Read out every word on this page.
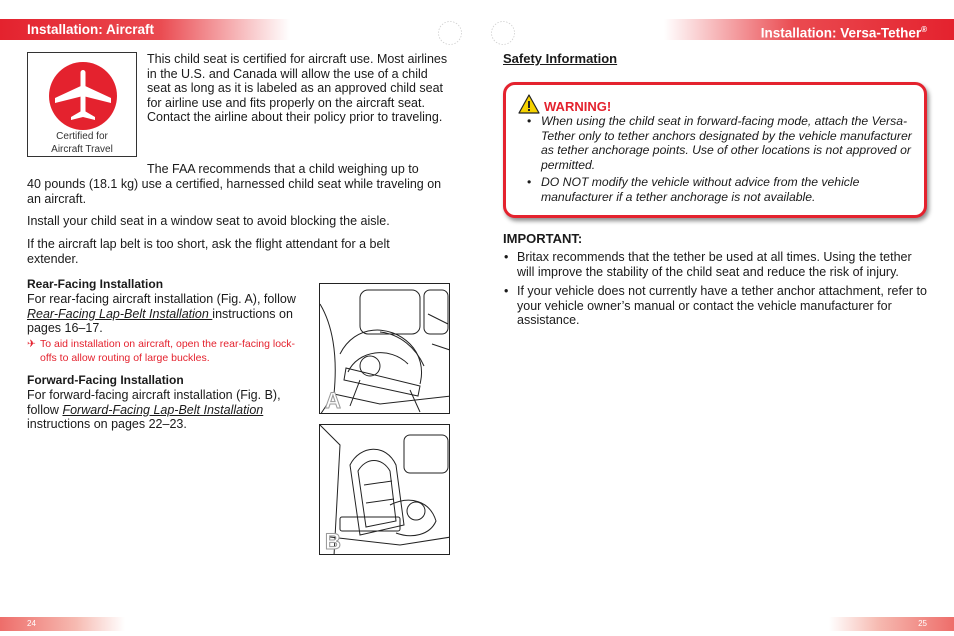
Installation: Aircraft	Installation: Versa-Tether®
Certified for
Aircraft Travel
This child seat is certified for aircraft use. Most airlines in the U.S. and Canada will allow the use of a child seat as long as it is labeled as an approved child seat for airline use and fits properly on the aircraft seat. Contact the airline about their policy prior to traveling.
The FAA recommends that a child weighing up to
40 pounds (18.1 kg) use a certified, harnessed child seat while traveling on an aircraft.
Install your child seat in a window seat to avoid blocking the aisle.
If the aircraft lap belt is too short, ask the flight attendant for a belt extender.
Rear-Facing Installation
For rear-facing aircraft installation (Fig. A), follow Rear-Facing Lap-Belt Installation instructions on pages 16–17.
✈ To aid installation on aircraft, open the rear-facing lock-offs to allow routing of large buckles.
Forward-Facing Installation
For forward-facing aircraft installation (Fig. B), follow Forward-Facing Lap-Belt Installation instructions on pages 22–23.
A
B
Safety Information
WARNING!
• When using the child seat in forward-facing mode, attach the Versa-Tether only to tether anchors designated by the vehicle manufacturer as tether anchorage points. Use of other locations is not approved or permitted.
• DO NOT modify the vehicle without advice from the vehicle manufacturer if a tether anchorage is not available.
IMPORTANT:
• Britax recommends that the tether be used at all times. Using the tether will improve the stability of the child seat and reduce the risk of injury.
• If your vehicle does not currently have a tether anchor attachment, refer to your vehicle owner’s manual or contact the vehicle manufacturer for assistance.
24	25
